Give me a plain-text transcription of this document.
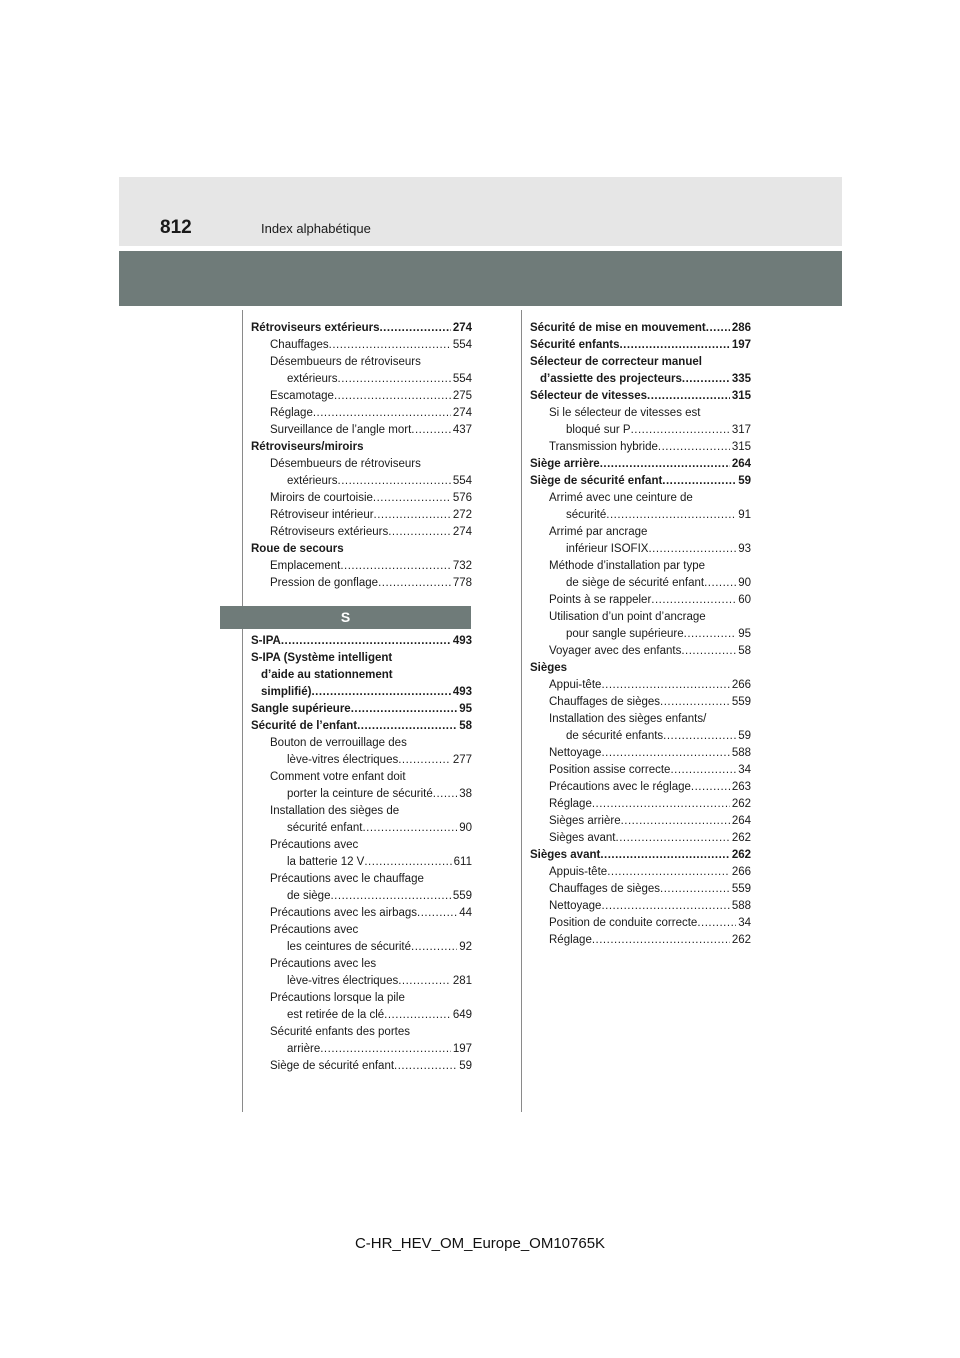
812	Index alphabétique
Rétroviseurs extérieurs .....	274
Chauffages .....	554
Désembueurs de rétroviseurs
extérieurs .....	554
Escamotage .....	275
Réglage .....	274
Surveillance de l’angle mort .....	437
Rétroviseurs/miroirs
Désembueurs de rétroviseurs
extérieurs .....	554
Miroirs de courtoisie .....	576
Rétroviseur intérieur .....	272
Rétroviseurs extérieurs .....	274
Roue de secours
Emplacement .....	732
Pression de gonflage .....	778
S
S-IPA .....	493
S-IPA (Système intelligent
d’aide au stationnement
simplifié) .....	493
Sangle supérieure .....	95
Sécurité de l’enfant .....	58
Bouton de verrouillage des
lève-vitres électriques .....	277
Comment votre enfant doit
porter la ceinture de sécurité ..... 38
Installation des sièges de
sécurité enfant .....	90
Précautions avec
la batterie 12 V .....	611
Précautions avec le chauffage
de siège .....	559
Précautions avec les airbags .....	44
Précautions avec
les ceintures de sécurité .....	92
Précautions avec les
lève-vitres électriques .....	281
Précautions lorsque la pile
est retirée de la clé .....	649
Sécurité enfants des portes
arrière .....	197
Siège de sécurité enfant .....	59
Sécurité de mise en mouvement ..... 286
Sécurité enfants .....	197
Sélecteur de correcteur manuel
d’assiette des projecteurs .....	335
Sélecteur de vitesses .....	315
Si le sélecteur de vitesses est
bloqué sur P .....	317
Transmission hybride .....	315
Siège arrière .....	264
Siège de sécurité enfant .....	59
Arrimé avec une ceinture de
sécurité .....	91
Arrimé par ancrage
inférieur ISOFIX .....	93
Méthode d’installation par type
de siège de sécurité enfant .....	90
Points à se rappeler .....	60
Utilisation d’un point d’ancrage
pour sangle supérieure .....	95
Voyager avec des enfants .....	58
Sièges
Appui-tête .....	266
Chauffages de sièges .....	559
Installation des sièges enfants/
de sécurité enfants .....	59
Nettoyage .....	588
Position assise correcte .....	34
Précautions avec le réglage .....	263
Réglage .....	262
Sièges arrière .....	264
Sièges avant .....	262
Sièges avant .....	262
Appuis-tête .....	266
Chauffages de sièges .....	559
Nettoyage .....	588
Position de conduite correcte .....	34
Réglage .....	262
C-HR_HEV_OM_Europe_OM10765K
